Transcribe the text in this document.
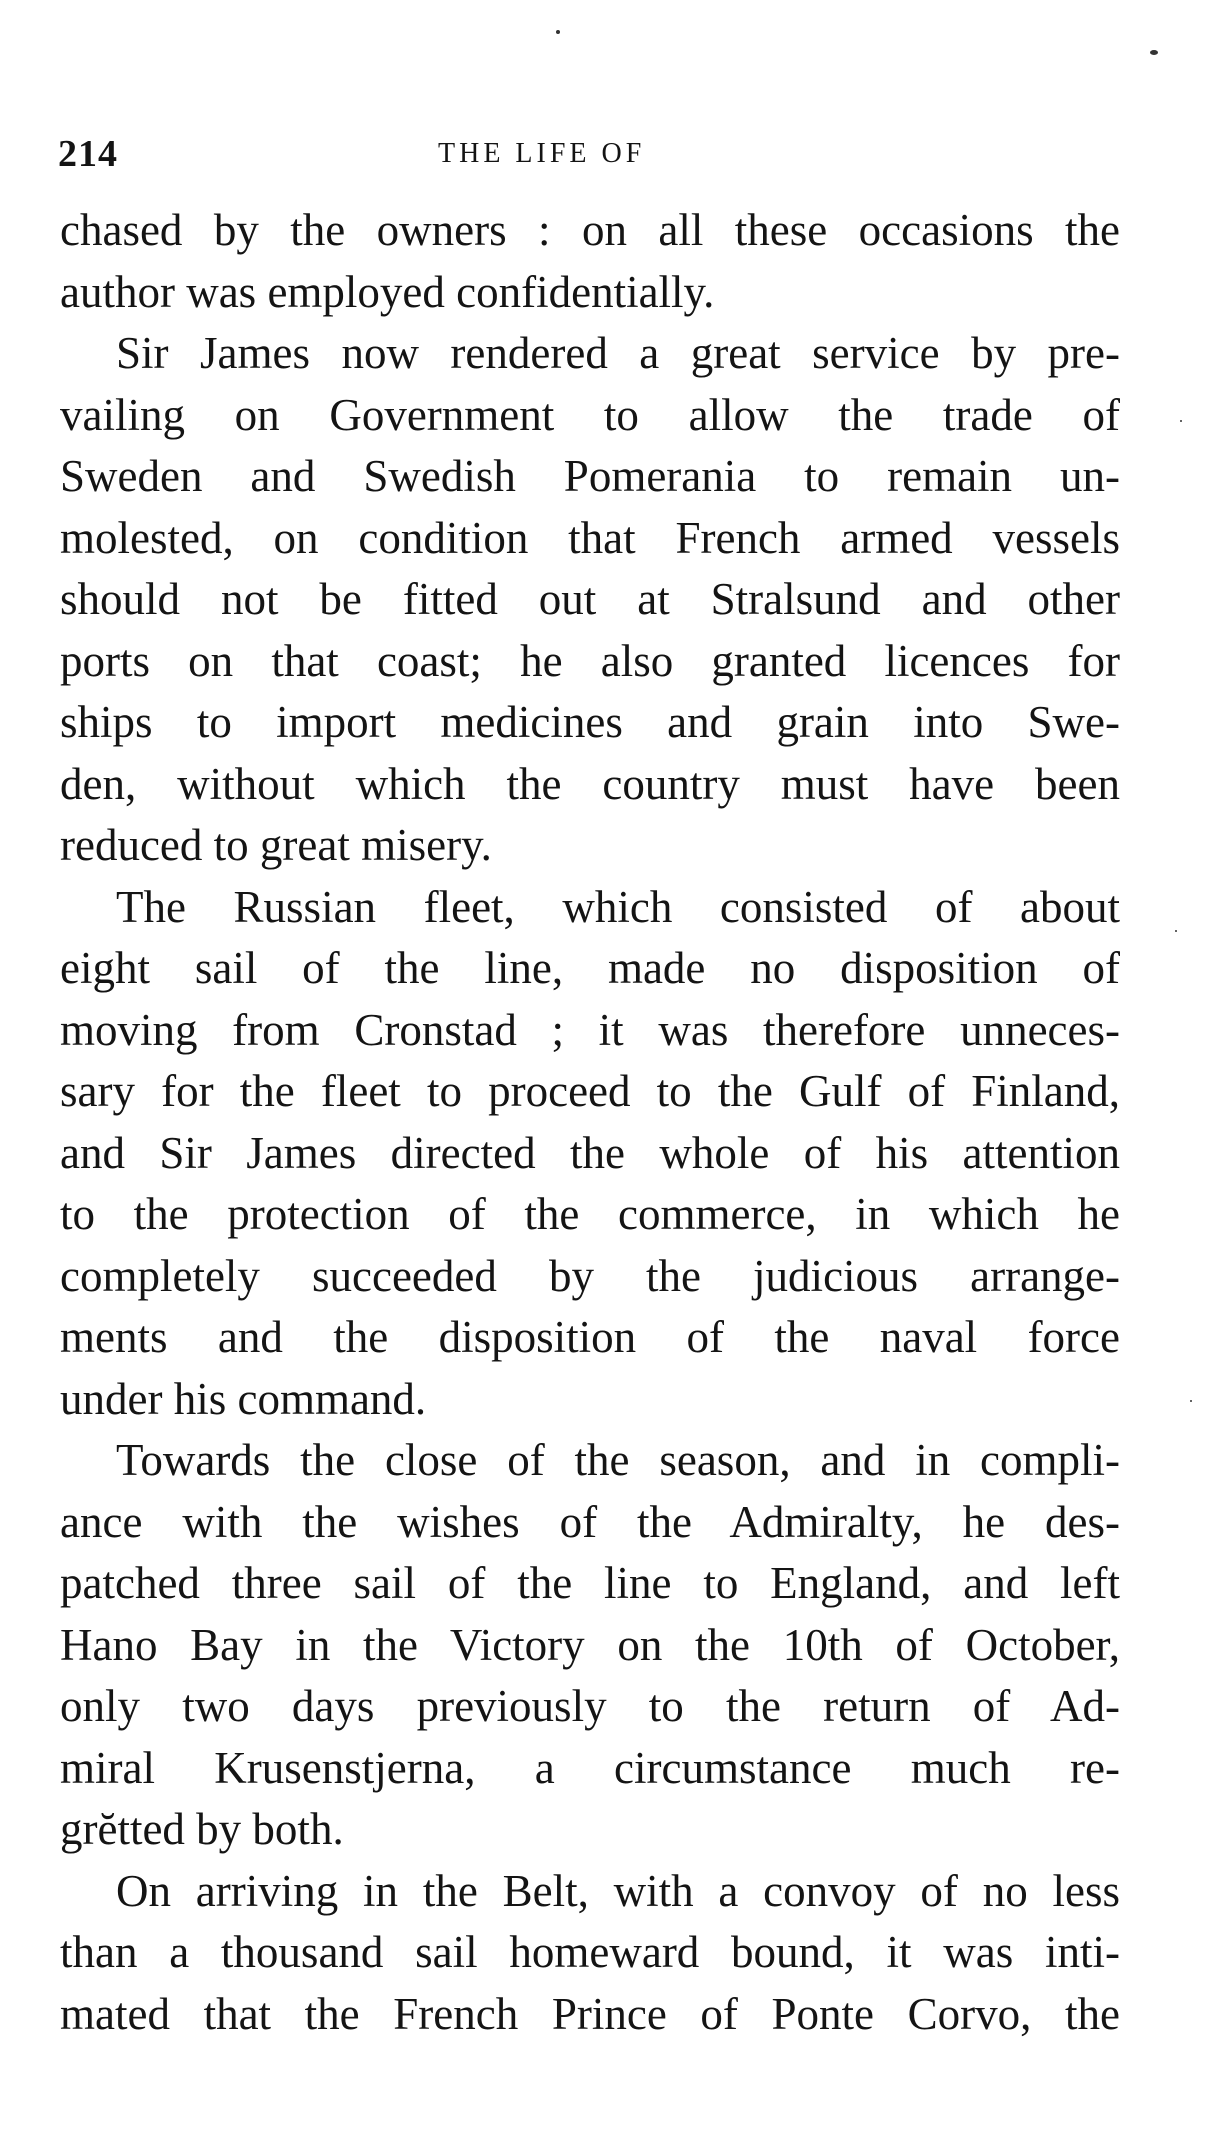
214	THE LIFE OF
chased by the owners : on all these occasions the
author was employed confidentially.
Sir James now rendered a great service by pre-
vailing on Government to allow the trade of
Sweden and Swedish Pomerania to remain un-
molested, on condition that French armed vessels
should not be fitted out at Stralsund and other
ports on that coast; he also granted licences for
ships to import medicines and grain into Swe-
den, without which the country must have been
reduced to great misery.
The Russian fleet, which consisted of about
eight sail of the line, made no disposition of
moving from Cronstad ; it was therefore unneces-
sary for the fleet to proceed to the Gulf of Finland,
and Sir James directed the whole of his attention
to the protection of the commerce, in which he
completely succeeded by the judicious arrange-
ments and the disposition of the naval force
under his command.
Towards the close of the season, and in compli-
ance with the wishes of the Admiralty, he des-
patched three sail of the line to England, and left
Hano Bay in the Victory on the 10th of October,
only two days previously to the return of Ad-
miral Krusenstjerna, a circumstance much re-
grĕtted by both.
On arriving in the Belt, with a convoy of no less
than a thousand sail homeward bound, it was inti-
mated that the French Prince of Ponte Corvo, the
